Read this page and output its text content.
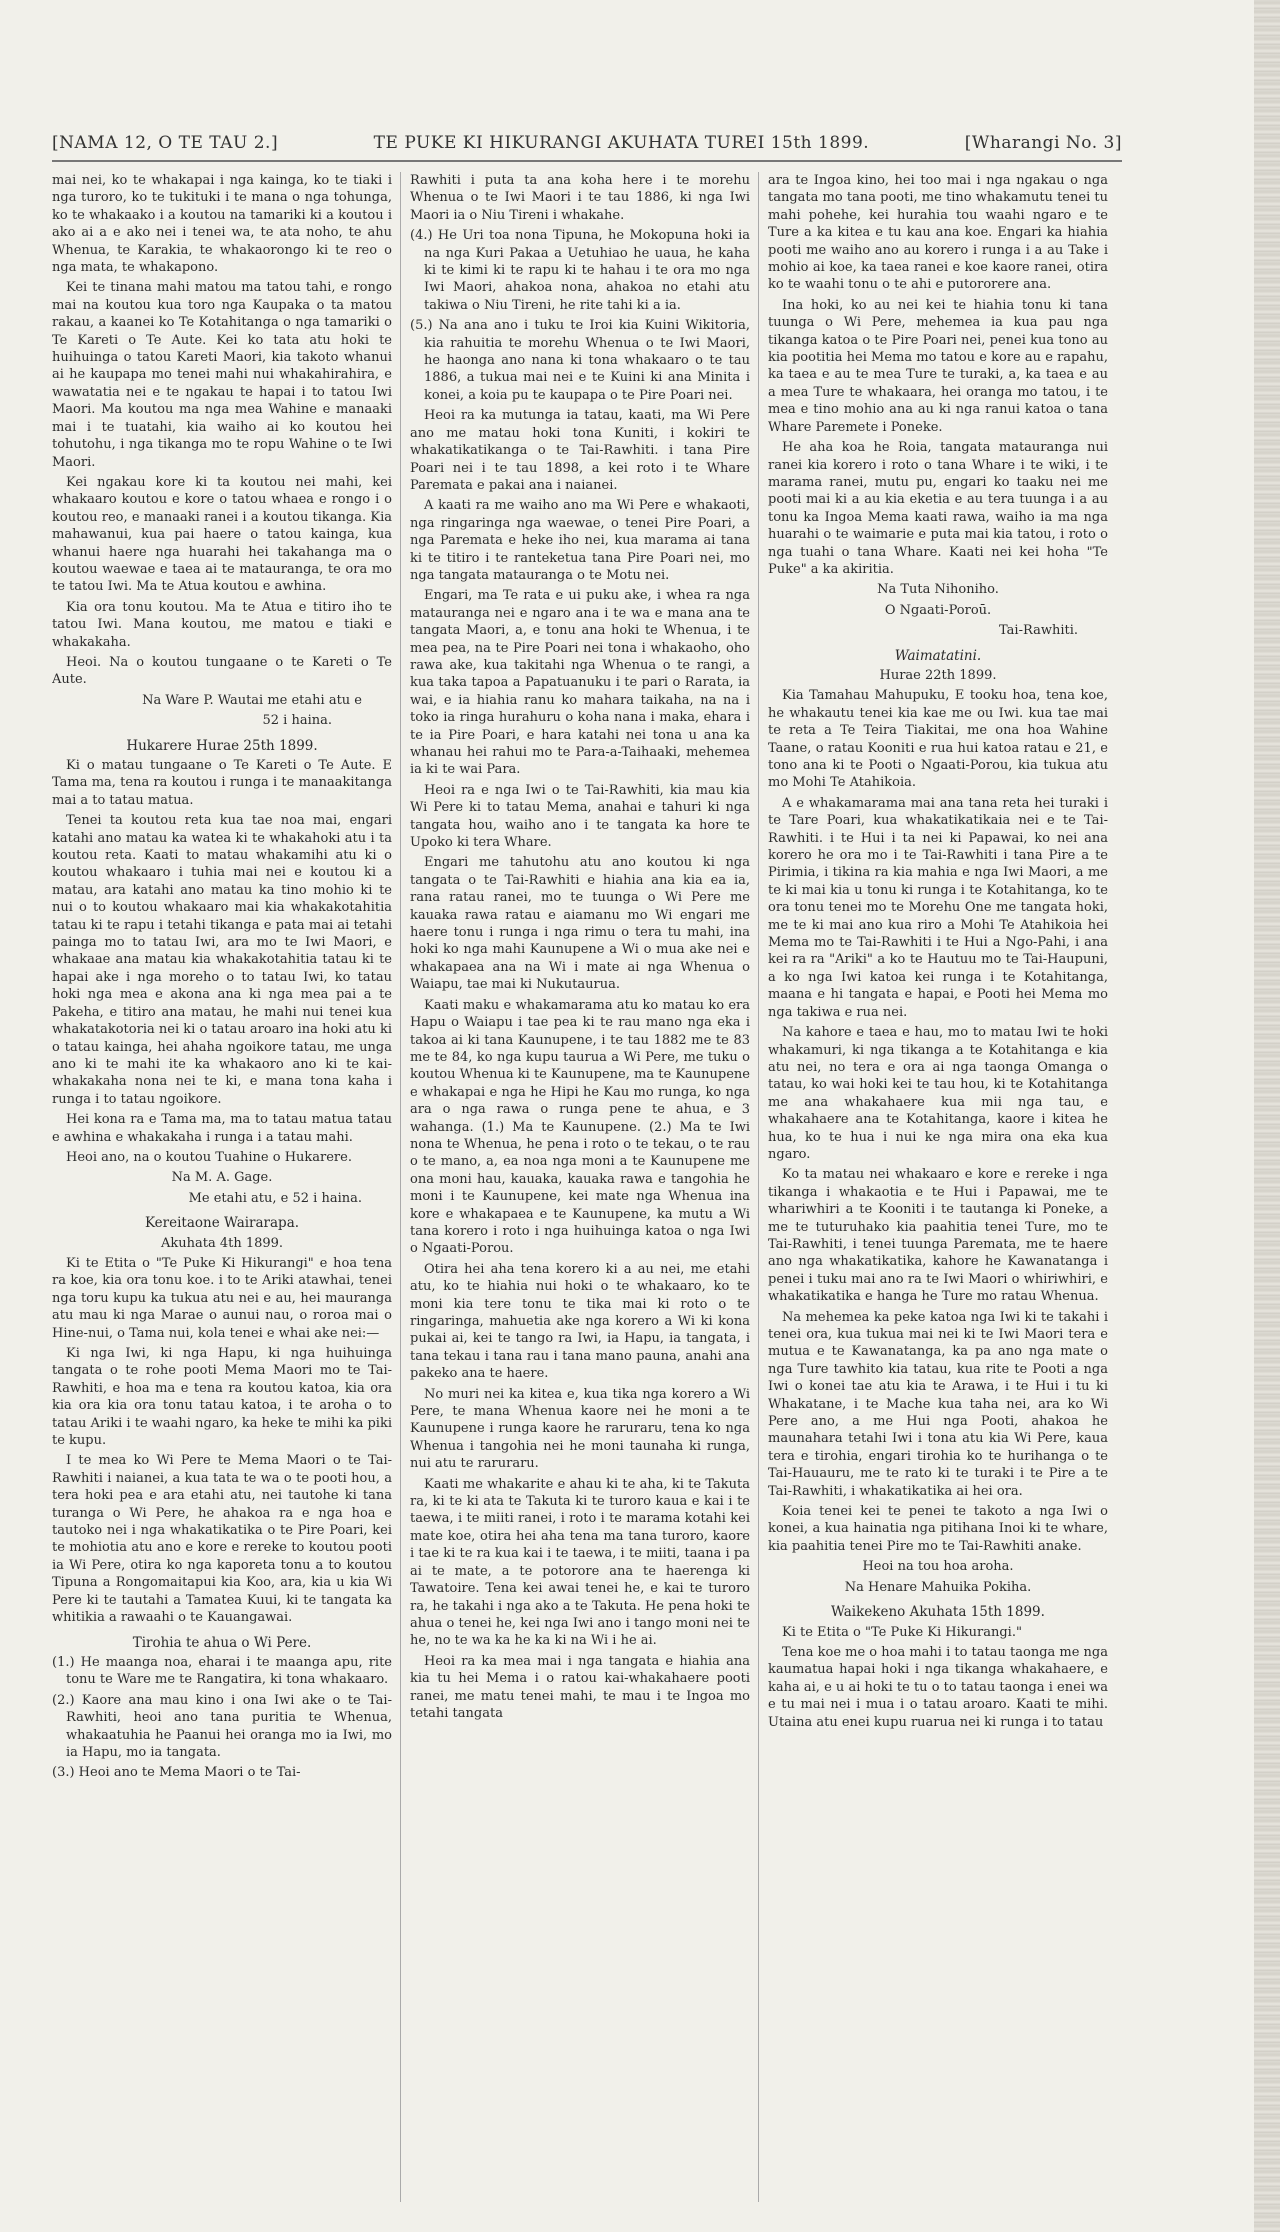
[NAMA 12, O TE TAU 2.]	TE PUKE KI HIKURANGI AKUHATA TUREI 15th 1899.	[Wharangi No. 3]

mai nei, ko te whakapai i nga kainga, ko te tiaki i nga turoro, ko te tukituki i te mana o nga tohunga, ko te whakaako i a koutou na tamariki ki a koutou i ako ai a e ako nei i tenei wa, te ata noho, te ahu Whenua, te Karakia, te whakaorongo ki te reo o nga mata, te whakapono.

Kei te tinana mahi matou ma tatou tahi, e rongo mai na koutou kua toro nga Kaupaka o ta matou rakau, a kaanei ko Te Kotahitanga o nga tamariki o Te Kareti o Te Aute. Kei ko tata atu hoki te huihuinga o tatou Kareti Maori, kia takoto whanui ai he kaupapa mo tenei mahi nui whakahirahira, e wawatatia nei e te ngakau te hapai i to tatou Iwi Maori. Ma koutou ma nga mea Wahine e manaaki mai i te tuatahi, kia waiho ai ko koutou hei tohutohu, i nga tikanga mo te ropu Wahine o te Iwi Maori.

Kei ngakau kore ki ta koutou nei mahi, kei whakaaro koutou e kore o tatou whaea e rongo i o koutou reo, e manaaki ranei i a koutou tikanga. Kia mahawanui, kua pai haere o tatou kainga, kua whanui haere nga huarahi hei takahanga ma o koutou waewae e taea ai te matauranga, te ora mo te tatou Iwi. Ma te Atua koutou e awhina.

Kia ora tonu koutou. Ma te Atua e titiro iho te tatou Iwi. Mana koutou, me matou e tiaki e whakakaha.

Heoi. Na o koutou tungaane o te Kareti o Te Aute.

Na Ware P. Wautai me etahi atu e

52 i haina.

Hukarere Hurae 25th 1899.

Ki o matau tungaane o Te Kareti o Te Aute. E Tama ma, tena ra koutou i runga i te manaakitanga mai a to tatau matua.

Tenei ta koutou reta kua tae noa mai, engari katahi ano matau ka watea ki te whakahoki atu i ta koutou reta. Kaati to matau whakamihi atu ki o koutou whakaaro i tuhia mai nei e koutou ki a matau, ara katahi ano matau ka tino mohio ki te nui o to koutou whakaaro mai kia whakakotahitia tatau ki te rapu i tetahi tikanga e pata mai ai tetahi painga mo to tatau Iwi, ara mo te Iwi Maori, e whakaae ana matau kia whakakotahitia tatau ki te hapai ake i nga moreho o to tatau Iwi, ko tatau hoki nga mea e akona ana ki nga mea pai a te Pakeha, e titiro ana matau, he mahi nui tenei kua whakatakotoria nei ki o tatau aroaro ina hoki atu ki o tatau kainga, hei ahaha ngoikore tatau, me unga ano ki te mahi ite ka whakaoro ano ki te kai-whakakaha nona nei te ki, e mana tona kaha i runga i to tatau ngoikore.

Hei kona ra e Tama ma, ma to tatau matua tatau e awhina e whakakaha i runga i a tatau mahi.

Heoi ano, na o koutou Tuahine o Hukarere.

Na M. A. Gage.

Me etahi atu, e 52 i haina.

Kereitaone Wairarapa.

Akuhata 4th 1899.

Ki te Etita o "Te Puke Ki Hikurangi" e hoa tena ra koe, kia ora tonu koe. i to te Ariki atawhai, tenei nga toru kupu ka tukua atu nei e au, hei mauranga atu mau ki nga Marae o aunui nau, o roroa mai o Hine-nui, o Tama nui, kola tenei e whai ake nei:—

Ki nga Iwi, ki nga Hapu, ki nga huihuinga tangata o te rohe pooti Mema Maori mo te Tai-Rawhiti, e hoa ma e tena ra koutou katoa, kia ora kia ora kia ora tonu tatau katoa, i te aroha o to tatau Ariki i te waahi ngaro, ka heke te mihi ka piki te kupu.

I te mea ko Wi Pere te Mema Maori o te Tai-Rawhiti i naianei, a kua tata te wa o te pooti hou, a tera hoki pea e ara etahi atu, nei tautohe ki tana turanga o Wi Pere, he ahakoa ra e nga hoa e tautoko nei i nga whakatikatika o te Pire Poari, kei te mohiotia atu ano e kore e rereke to koutou pooti ia Wi Pere, otira ko nga kaporeta tonu a to koutou Tipuna a Rongomaitapui kia Koo, ara, kia u kia Wi Pere ki te tautahi a Tamatea Kuui, ki te tangata ka whitikia a rawaahi o te Kauangawai.

Tirohia te ahua o Wi Pere.

(1.) He maanga noa, eharai i te maanga apu, rite tonu te Ware me te Rangatira, ki tona whakaaro.

(2.) Kaore ana mau kino i ona Iwi ake o te Tai-Rawhiti, heoi ano tana puritia te Whenua, whakaatuhia he Paanui hei oranga mo ia Iwi, mo ia Hapu, mo ia tangata.

(3.) Heoi ano te Mema Maori o te Tai-

Rawhiti i puta ta ana koha here i te morehu Whenua o te Iwi Maori i te tau 1886, ki nga Iwi Maori ia o Niu Tireni i whakahe.

(4.) He Uri toa nona Tipuna, he Mokopuna hoki ia na nga Kuri Pakaa a Uetuhiao he uaua, he kaha ki te kimi ki te rapu ki te hahau i te ora mo nga Iwi Maori, ahakoa nona, ahakoa no etahi atu takiwa o Niu Tireni, he rite tahi ki a ia.

(5.) Na ana ano i tuku te Iroi kia Kuini Wikitoria, kia rahuitia te morehu Whenua o te Iwi Maori, he haonga ano nana ki tona whakaaro o te tau 1886, a tukua mai nei e te Kuini ki ana Minita i konei, a koia pu te kaupapa o te Pire Poari nei.

Heoi ra ka mutunga ia tatau, kaati, ma Wi Pere ano me matau hoki tona Kuniti, i kokiri te whakatikatikanga o te Tai-Rawhiti. i tana Pire Poari nei i te tau 1898, a kei roto i te Whare Paremata e pakai ana i naianei.

A kaati ra me waiho ano ma Wi Pere e whakaoti, nga ringaringa nga waewae, o tenei Pire Poari, a nga Paremata e heke iho nei, kua marama ai tana ki te titiro i te ranteketua tana Pire Poari nei, mo nga tangata matauranga o te Motu nei.

Engari, ma Te rata e ui puku ake, i whea ra nga matauranga nei e ngaro ana i te wa e mana ana te tangata Maori, a, e tonu ana hoki te Whenua, i te mea pea, na te Pire Poari nei tona i whakaoho, oho rawa ake, kua takitahi nga Whenua o te rangi, a kua taka tapoa a Papatuanuku i te pari o Rarata, ia wai, e ia hiahia ranu ko mahara taikaha, na na i toko ia ringa hurahuru o koha nana i maka, ehara i te ia Pire Poari, e hara katahi nei tona u ana ka whanau hei rahui mo te Para-a-Taihaaki, mehemea ia ki te wai Para.

Heoi ra e nga Iwi o te Tai-Rawhiti, kia mau kia Wi Pere ki to tatau Mema, anahai e tahuri ki nga tangata hou, waiho ano i te tangata ka hore te Upoko ki tera Whare.

Engari me tahutohu atu ano koutou ki nga tangata o te Tai-Rawhiti e hiahia ana kia ea ia, rana ratau ranei, mo te tuunga o Wi Pere me kauaka rawa ratau e aiamanu mo Wi engari me haere tonu i runga i nga rimu o tera tu mahi, ina hoki ko nga mahi Kaunupene a Wi o mua ake nei e whakapaea ana na Wi i mate ai nga Whenua o Waiapu, tae mai ki Nukutaurua.

Kaati maku e whakamarama atu ko matau ko era Hapu o Waiapu i tae pea ki te rau mano nga eka i takoa ai ki tana Kaunupene, i te tau 1882 me te 83 me te 84, ko nga kupu taurua a Wi Pere, me tuku o koutou Whenua ki te Kaunupene, ma te Kaunupene e whakapai e nga he Hipi he Kau mo runga, ko nga ara o nga rawa o runga pene te ahua, e 3 wahanga. (1.) Ma te Kaunupene. (2.) Ma te Iwi nona te Whenua, he pena i roto o te tekau, o te rau o te mano, a, ea noa nga moni a te Kaunupene me ona moni hau, kauaka, kauaka rawa e tangohia he moni i te Kaunupene, kei mate nga Whenua ina kore e whakapaea e te Kaunupene, ka mutu a Wi tana korero i roto i nga huihuinga katoa o nga Iwi o Ngaati-Porou.

Otira hei aha tena korero ki a au nei, me etahi atu, ko te hiahia nui hoki o te whakaaro, ko te moni kia tere tonu te tika mai ki roto o te ringaringa, mahuetia ake nga korero a Wi ki kona pukai ai, kei te tango ra Iwi, ia Hapu, ia tangata, i tana tekau i tana rau i tana mano pauna, anahi ana pakeko ana te haere.

No muri nei ka kitea e, kua tika nga korero a Wi Pere, te mana Whenua kaore nei he moni a te Kaunupene i runga kaore he raruraru, tena ko nga Whenua i tangohia nei he moni taunaha ki runga, nui atu te raruraru.

Kaati me whakarite e ahau ki te aha, ki te Takuta ra, ki te ki ata te Takuta ki te turoro kaua e kai i te taewa, i te miiti ranei, i roto i te marama kotahi kei mate koe, otira hei aha tena ma tana turoro, kaore i tae ki te ra kua kai i te taewa, i te miiti, taana i pa ai te mate, a te potorore ana te haerenga ki Tawatoire. Tena kei awai tenei he, e kai te turoro ra, he takahi i nga ako a te Takuta. He pena hoki te ahua o tenei he, kei nga Iwi ano i tango moni nei te he, no te wa ka he ka ki na Wi i he ai.

Heoi ra ka mea mai i nga tangata e hiahia ana kia tu hei Mema i o ratou kai-whakahaere pooti ranei, me matu tenei mahi, te mau i te Ingoa mo tetahi tangata

ara te Ingoa kino, hei too mai i nga ngakau o nga tangata mo tana pooti, me tino whakamutu tenei tu mahi pohehe, kei hurahia tou waahi ngaro e te Ture a ka kitea e tu kau ana koe. Engari ka hiahia pooti me waiho ano au korero i runga i a au Take i mohio ai koe, ka taea ranei e koe kaore ranei, otira ko te waahi tonu o te ahi e putororere ana.

Ina hoki, ko au nei kei te hiahia tonu ki tana tuunga o Wi Pere, mehemea ia kua pau nga tikanga katoa o te Pire Poari nei, penei kua tono au kia pootitia hei Mema mo tatou e kore au e rapahu, ka taea e au te mea Ture te turaki, a, ka taea e au a mea Ture te whakaara, hei oranga mo tatou, i te mea e tino mohio ana au ki nga ranui katoa o tana Whare Paremete i Poneke.

He aha koa he Roia, tangata matauranga nui ranei kia korero i roto o tana Whare i te wiki, i te marama ranei, mutu pu, engari ko taaku nei me pooti mai ki a au kia eketia e au tera tuunga i a au tonu ka Ingoa Mema kaati rawa, waiho ia ma nga huarahi o te waimarie e puta mai kia tatou, i roto o nga tuahi o tana Whare. Kaati nei kei hoha "Te Puke" a ka akiritia.

Na Tuta Nihoniho.

O Ngaati-Poroū.

Tai-Rawhiti.

Waimatatini.

Hurae 22th 1899.

Kia Tamahau Mahupuku, E tooku hoa, tena koe, he whakautu tenei kia kae me ou Iwi. kua tae mai te reta a Te Teira Tiakitai, me ona hoa Wahine Taane, o ratau Kooniti e rua hui katoa ratau e 21, e tono ana ki te Pooti o Ngaati-Porou, kia tukua atu mo Mohi Te Atahikoia.

A e whakamarama mai ana tana reta hei turaki i te Tare Poari, kua whakatikatikaia nei e te Tai-Rawhiti. i te Hui i ta nei ki Papawai, ko nei ana korero he ora mo i te Tai-Rawhiti i tana Pire a te Pirimia, i tikina ra kia mahia e nga Iwi Maori, a me te ki mai kia u tonu ki runga i te Kotahitanga, ko te ora tonu tenei mo te Morehu One me tangata hoki, me te ki mai ano kua riro a Mohi Te Atahikoia hei Mema mo te Tai-Rawhiti i te Hui a Ngo-Pahi, i ana kei ra ra "Ariki" a ko te Hautuu mo te Tai-Haupuni, a ko nga Iwi katoa kei runga i te Kotahitanga, maana e hi tangata e hapai, e Pooti hei Mema mo nga takiwa e rua nei.

Na kahore e taea e hau, mo to matau Iwi te hoki whakamuri, ki nga tikanga a te Kotahitanga e kia atu nei, no tera e ora ai nga taonga Omanga o tatau, ko wai hoki kei te tau hou, ki te Kotahitanga me ana whakahaere kua mii nga tau, e whakahaere ana te Kotahitanga, kaore i kitea he hua, ko te hua i nui ke nga mira ona eka kua ngaro.

Ko ta matau nei whakaaro e kore e rereke i nga tikanga i whakaotia e te Hui i Papawai, me te whariwhiri a te Kooniti i te tautanga ki Poneke, a me te tuturuhako kia paahitia tenei Ture, mo te Tai-Rawhiti, i tenei tuunga Paremata, me te haere ano nga whakatikatika, kahore he Kawanatanga i penei i tuku mai ano ra te Iwi Maori o whiriwhiri, e whakatikatika e hanga he Ture mo ratau Whenua.

Na mehemea ka peke katoa nga Iwi ki te takahi i tenei ora, kua tukua mai nei ki te Iwi Maori tera e mutua e te Kawanatanga, ka pa ano nga mate o nga Ture tawhito kia tatau, kua rite te Pooti a nga Iwi o konei tae atu kia te Arawa, i te Hui i tu ki Whakatane, i te Mache kua taha nei, ara ko Wi Pere ano, a me Hui nga Pooti, ahakoa he maunahara tetahi Iwi i tona atu kia Wi Pere, kaua tera e tirohia, engari tirohia ko te hurihanga o te Tai-Hauauru, me te rato ki te turaki i te Pire a te Tai-Rawhiti, i whakatikatika ai hei ora.

Koia tenei kei te penei te takoto a nga Iwi o konei, a kua hainatia nga pitihana Inoi ki te whare, kia paahitia tenei Pire mo te Tai-Rawhiti anake.

Heoi na tou hoa aroha.

Na Henare Mahuika Pokiha.

Waikekeno Akuhata 15th 1899.

Ki te Etita o "Te Puke Ki Hikurangi."

Tena koe me o hoa mahi i to tatau taonga me nga kaumatua hapai hoki i nga tikanga whakahaere, e kaha ai, e u ai hoki te tu o to tatau taonga i enei wa e tu mai nei i mua i o tatau aroaro. Kaati te mihi. Utaina atu enei kupu ruarua nei ki runga i to tatau
